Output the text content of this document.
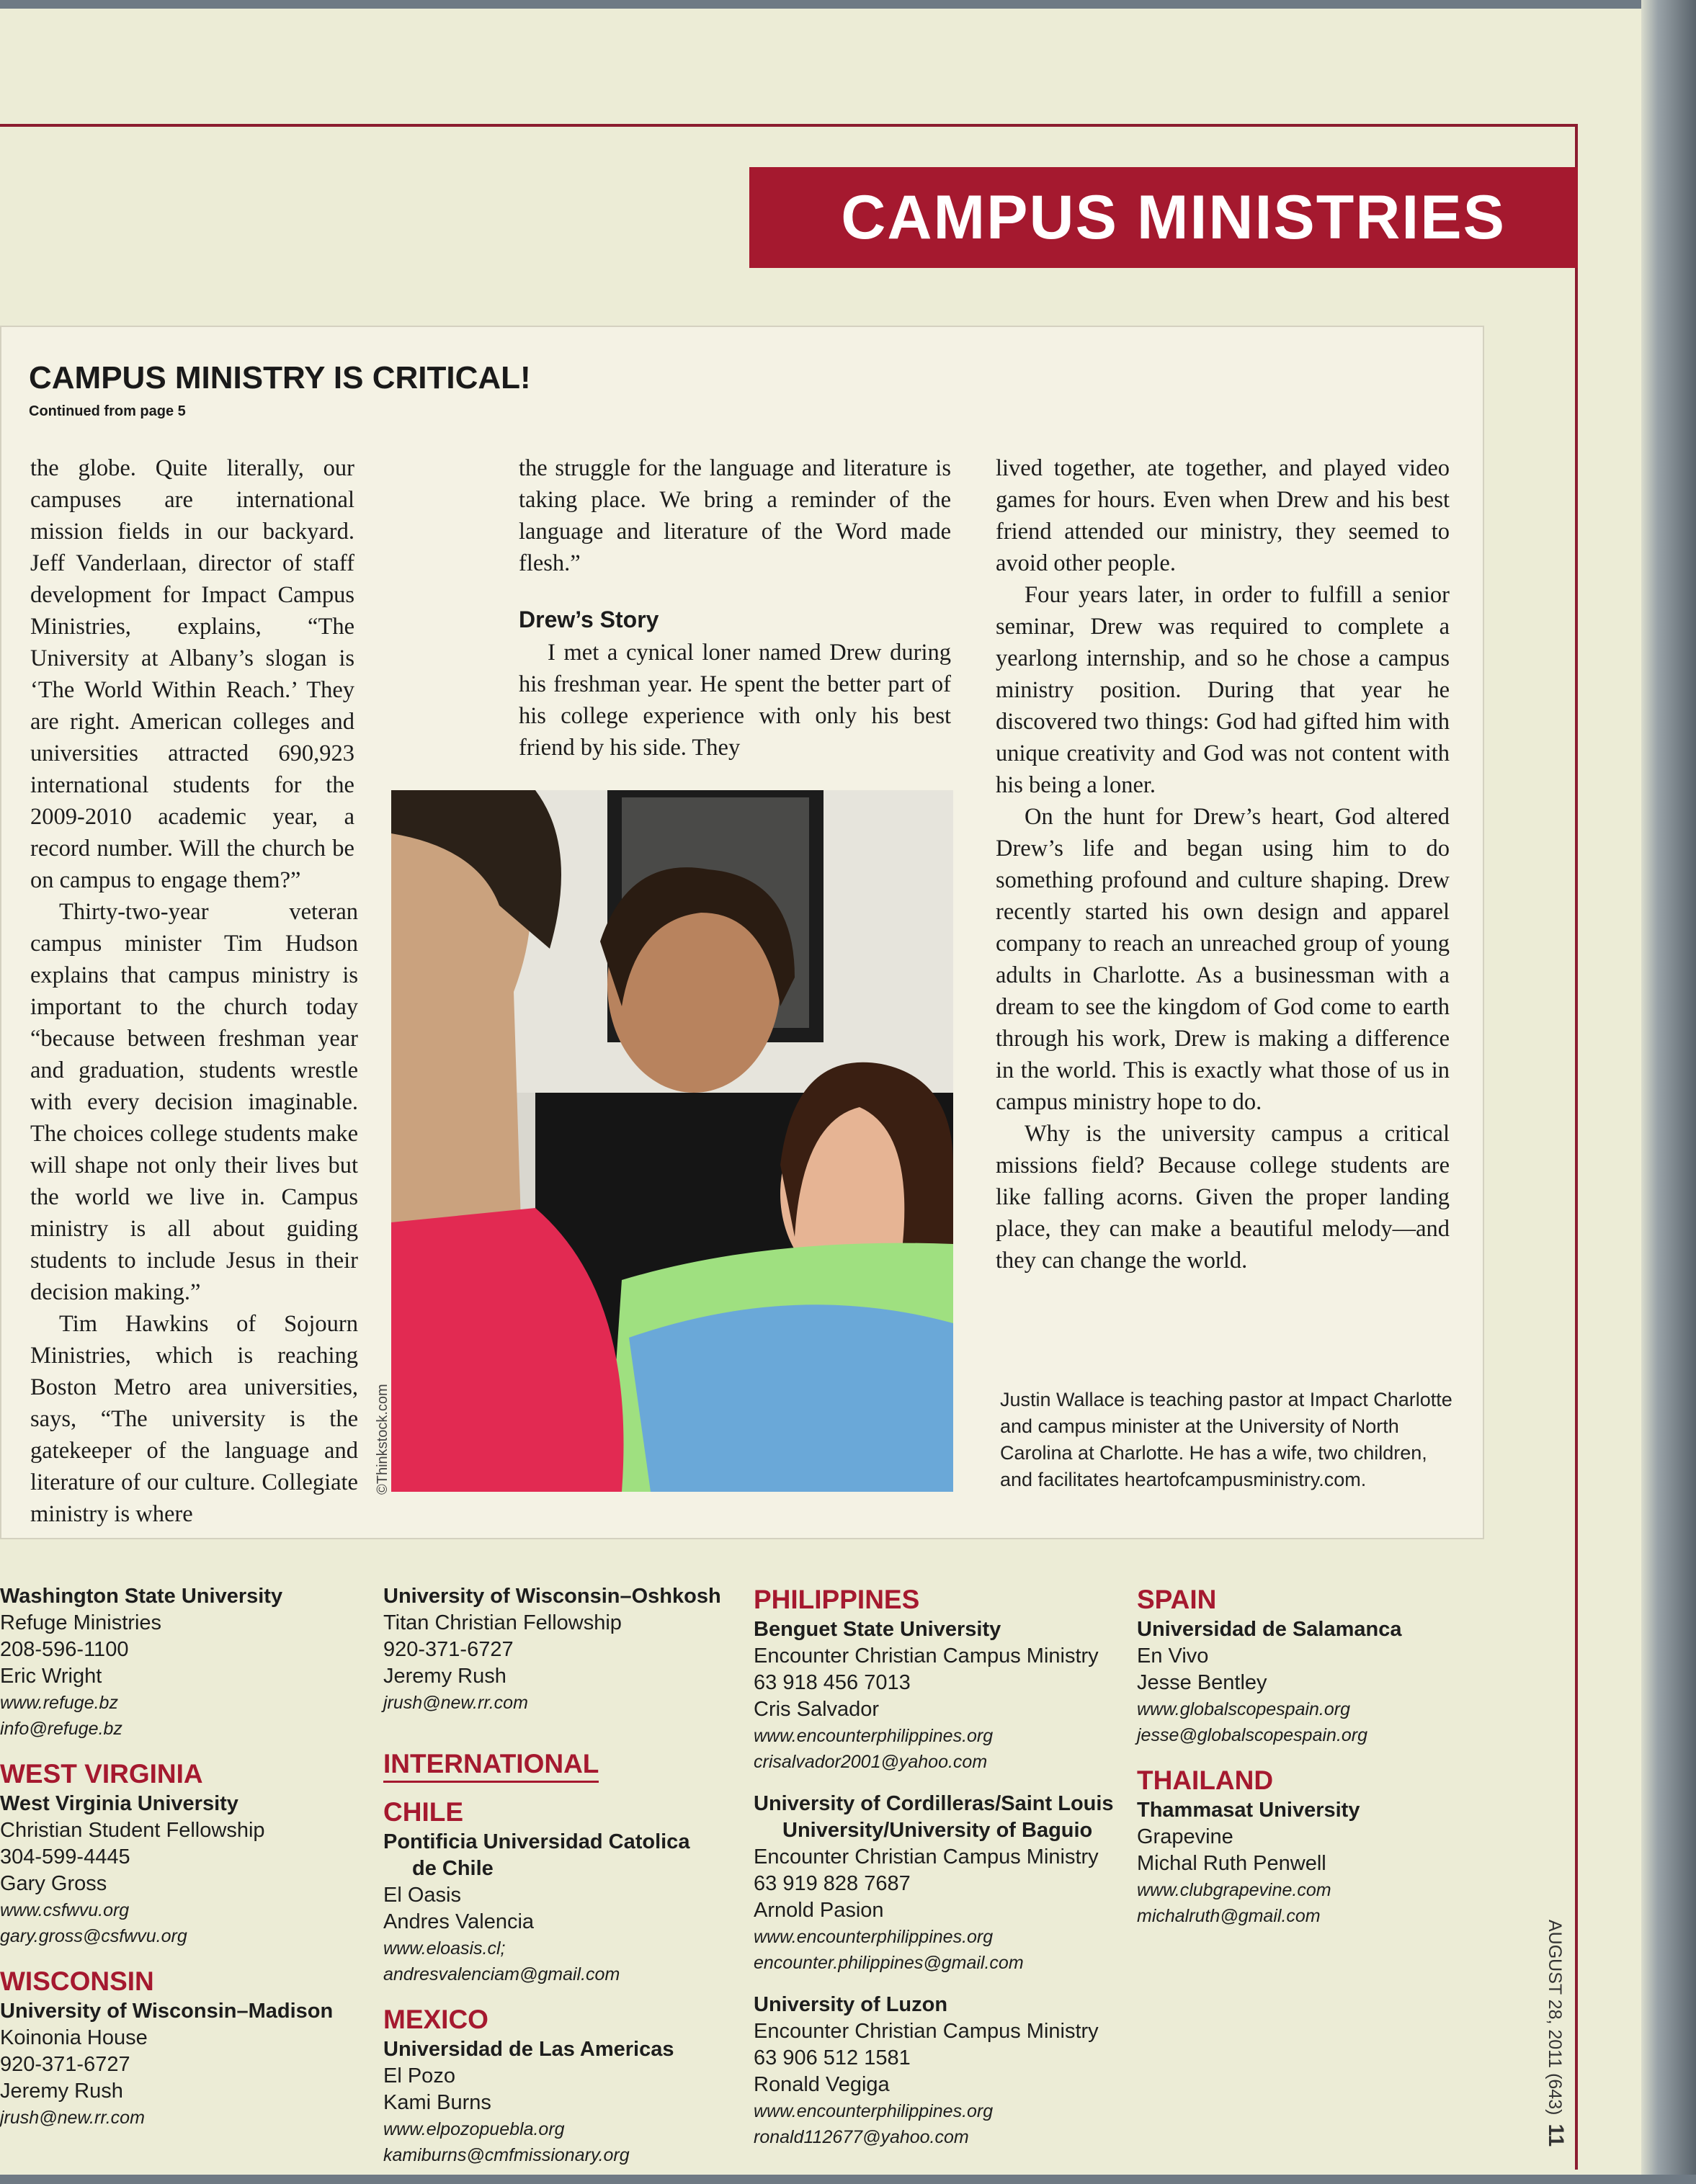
CAMPUS MINISTRIES
CAMPUS MINISTRY IS CRITICAL!
Continued from page 5

the globe. Quite literally, our campuses are international mission fields in our backyard. Jeff Vanderlaan, director of staff development for Impact Campus Ministries, explains, “The University at Albany’s slogan is ‘The World Within Reach.’ They are right. American colleges and universities attracted 690,923 international students for the 2009-2010 academic year, a record number. Will the church be on campus to engage them?”

Thirty-two-year veteran campus minister Tim Hudson explains that campus ministry is important to the church today “because between freshman year and graduation, students wrestle with every decision imaginable. The choices college students make will shape not only their lives but the world we live in. Campus ministry is all about guiding students to include Jesus in their decision making.”

Tim Hawkins of Sojourn Ministries, which is reaching Boston Metro area universities, says, “The university is the gatekeeper of the language and literature of our culture. Collegiate ministry is where

the struggle for the language and literature is taking place. We bring a reminder of the language and literature of the Word made flesh.”

Drew’s Story

I met a cynical loner named Drew during his freshman year. He spent the better part of his college experience with only his best friend by his side. They

lived together, ate together, and played video games for hours. Even when Drew and his best friend attended our ministry, they seemed to avoid other people.

Four years later, in order to fulfill a senior seminar, Drew was required to complete a yearlong internship, and so he chose a campus ministry position. During that year he discovered two things: God had gifted him with unique creativity and God was not content with his being a loner.

On the hunt for Drew’s heart, God altered Drew’s life and began using him to do something profound and culture shaping. Drew recently started his own design and apparel company to reach an unreached group of young adults in Charlotte. As a businessman with a dream to see the kingdom of God come to earth through his work, Drew is making a difference in the world. This is exactly what those of us in campus ministry hope to do.

Why is the university campus a critical missions field? Because college students are like falling acorns. Given the proper landing place, they can make a beautiful melody—and they can change the world.

Justin Wallace is teaching pastor at Impact Charlotte and campus minister at the University of North Carolina at Charlotte. He has a wife, two children, and facilitates heartofcampusministry.com.
©Thinkstock.com
Washington State University
Refuge Ministries
208-596-1100
Eric Wright
www.refuge.bz
info@refuge.bz
WEST VIRGINIA
West Virginia University
Christian Student Fellowship
304-599-4445
Gary Gross
www.csfwvu.org
gary.gross@csfwvu.org
WISCONSIN
University of Wisconsin–Madison
Koinonia House
920-371-6727
Jeremy Rush
jrush@new.rr.com
University of Wisconsin–Oshkosh
Titan Christian Fellowship
920-371-6727
Jeremy Rush
jrush@new.rr.com
INTERNATIONAL
CHILE
Pontificia Universidad Catolica
de Chile
El Oasis
Andres Valencia
www.eloasis.cl; andresvalenciam@gmail.com
MEXICO
Universidad de Las Americas
El Pozo
Kami Burns
www.elpozopuebla.org
kamiburns@cmfmissionary.org
PHILIPPINES
Benguet State University
Encounter Christian Campus Ministry
63 918 456 7013
Cris Salvador
www.encounterphilippines.org
crisalvador2001@yahoo.com
University of Cordilleras/Saint Louis
University/University of Baguio
Encounter Christian Campus Ministry
63 919 828 7687
Arnold Pasion
www.encounterphilippines.org
encounter.philippines@gmail.com
University of Luzon
Encounter Christian Campus Ministry
63 906 512 1581
Ronald Vegiga
www.encounterphilippines.org
ronald112677@yahoo.com
SPAIN
Universidad de Salamanca
En Vivo
Jesse Bentley
www.globalscopespain.org
jesse@globalscopespain.org
THAILAND
Thammasat University
Grapevine
Michal Ruth Penwell
www.clubgrapevine.com
michalruth@gmail.com
AUGUST 28, 2011 (643)11
